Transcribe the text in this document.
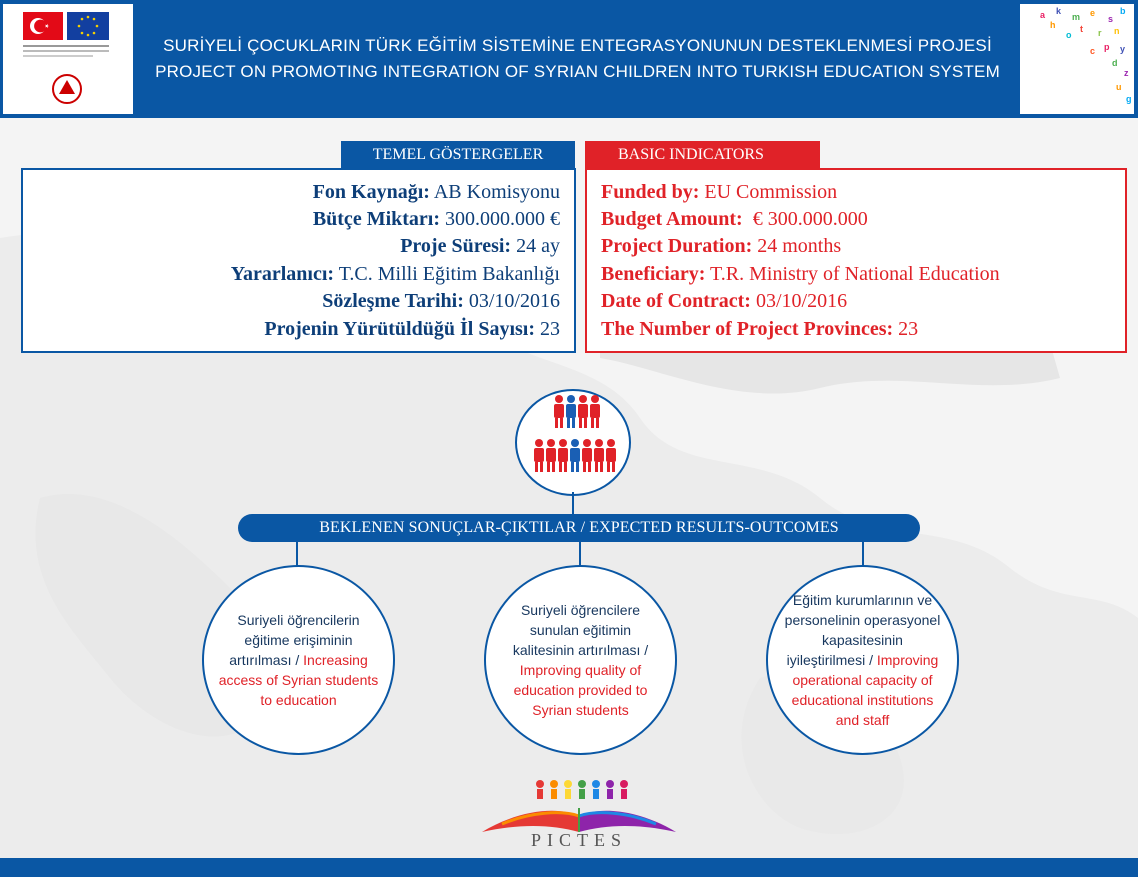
SURİYELİ ÇOCUKLARIN TÜRK EĞİTİM SİSTEMİNE ENTEGRASYONUNUN DESTEKLENMESİ PROJESİ
PROJECT ON PROMOTING INTEGRATION OF SYRIAN CHILDREN INTO TURKISH EDUCATION SYSTEM
a k
m e
s
b
t r n
o
p y
c
d
z
u
g
h
TEMEL GÖSTERGELER
Fon Kaynağı: AB Komisyonu
Bütçe Miktarı: 300.000.000 €
Proje Süresi: 24 ay
Yararlanıcı: T.C. Milli Eğitim Bakanlığı
Sözleşme Tarihi: 03/10/2016
Projenin Yürütüldüğü İl Sayısı: 23
BASIC INDICATORS
Funded by: EU Commission
Budget Amount:  € 300.000.000
Project Duration: 24 months
Beneficiary: T.R. Ministry of National Education
Date of Contract: 03/10/2016
The Number of Project Provinces: 23
BEKLENEN SONUÇLAR-ÇIKTILAR / EXPECTED RESULTS-OUTCOMES
Suriyeli öğrencilerin eğitime erişiminin artırılması / Increasing access of Syrian students to education
Suriyeli öğrencilere sunulan eğitimin kalitesinin artırılması / Improving quality of education provided to Syrian students
Eğitim kurumlarının ve personelinin operasyonel kapasitesinin iyileştirilmesi / Improving operational capacity of educational institutions and staff
PICTES
